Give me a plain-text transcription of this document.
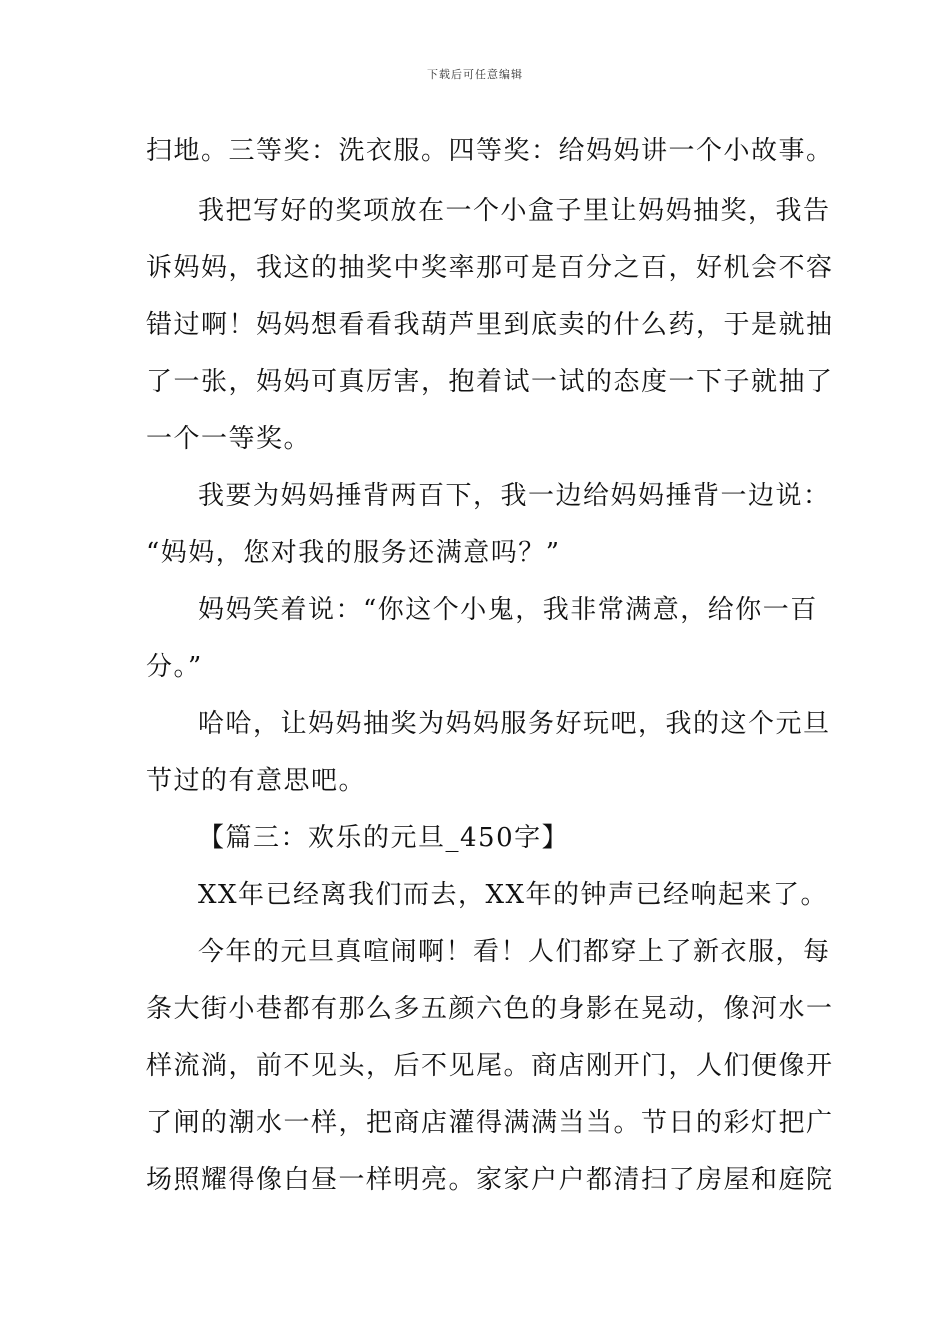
下载后可任意编辑
扫地。三等奖：洗衣服。四等奖：给妈妈讲一个小故事。
我把写好的奖项放在一个小盒子里让妈妈抽奖，我告
诉妈妈，我这的抽奖中奖率那可是百分之百，好机会不容
错过啊！妈妈想看看我葫芦里到底卖的什么药，于是就抽
了一张，妈妈可真厉害，抱着试一试的态度一下子就抽了
一个一等奖。
我要为妈妈捶背两百下，我一边给妈妈捶背一边说：
“妈妈，您对我的服务还满意吗？”
妈妈笑着说：“你这个小鬼，我非常满意，给你一百
分。”
哈哈，让妈妈抽奖为妈妈服务好玩吧，我的这个元旦
节过的有意思吧。
【篇三：欢乐的元旦_450字】
XX年已经离我们而去，XX年的钟声已经响起来了。
今年的元旦真喧闹啊！看！人们都穿上了新衣服，每
条大街小巷都有那么多五颜六色的身影在晃动，像河水一
样流淌，前不见头，后不见尾。商店刚开门，人们便像开
了闸的潮水一样，把商店灌得满满当当。节日的彩灯把广
场照耀得像白昼一样明亮。家家户户都清扫了房屋和庭院
